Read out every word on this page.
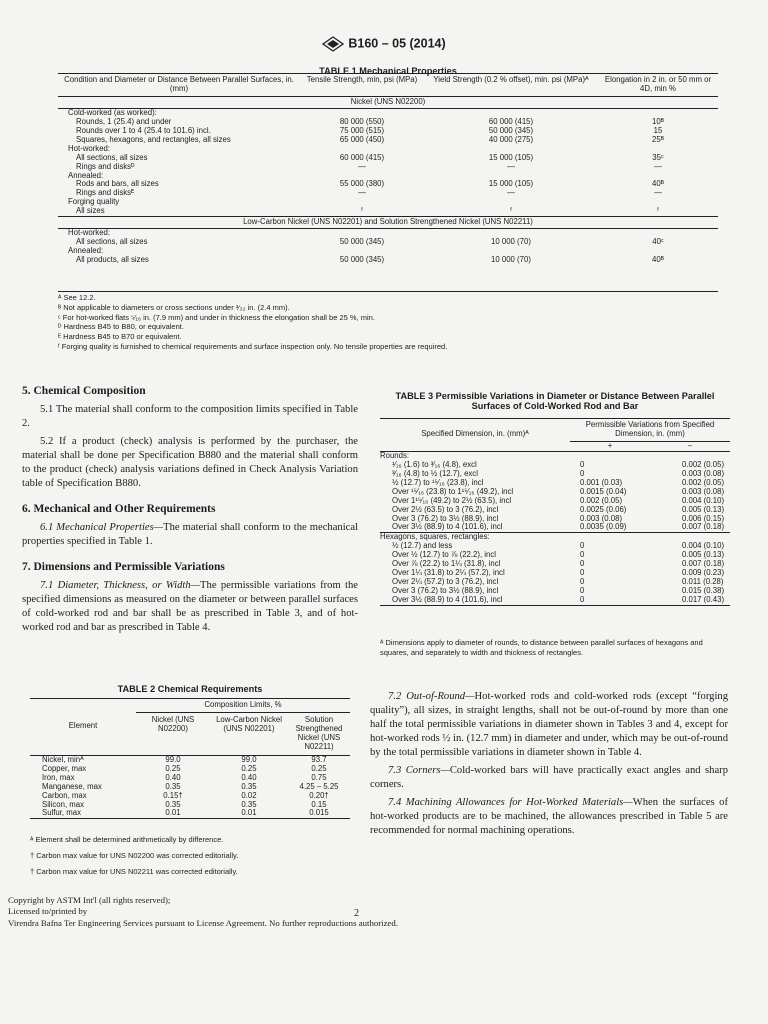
B160 – 05 (2014)
TABLE 1 Mechanical Properties
Condition and Diameter or Distance Between Parallel Surfaces, in. (mm)	Tensile Strength, min, psi (MPa)	Yield Strength (0.2 % offset), min. psi (MPa)ᴬ	Elongation in 2 in. or 50 mm or 4D, min %
Nickel (UNS N02200)			
Cold-worked (as worked):			
Rounds, 1 (25.4) and under	80 000 (550)	60 000 (415)	10ᴮ
Rounds over 1 to 4 (25.4 to 101.6) incl.	75 000 (515)	50 000 (345)	15
Squares, hexagons, and rectangles, all sizes	65 000 (450)	40 000 (275)	25ᴮ
Hot-worked:			
All sections, all sizes	60 000 (415)	15 000 (105)	35ᶜ
Rings and disksᴰ	—	—	—
Annealed:			
Rods and bars, all sizes	55 000 (380)	15 000 (105)	40ᴮ
Rings and disksᴱ	—	—	—
Forging quality			
All sizes	ᶠ	ᶠ	ᶠ
Low-Carbon Nickel (UNS N02201) and Solution Strengthened Nickel (UNS N02211)			
Hot-worked:			
All sections, all sizes	50 000 (345)	10 000 (70)	40ᶜ
Annealed:			
All products, all sizes	50 000 (345)	10 000 (70)	40ᴮ
ᴬ See 12.2.
ᴮ Not applicable to diameters or cross sections under ³⁄₃₂ in. (2.4 mm).
ᶜ For hot-worked flats ⁵⁄₁₆ in. (7.9 mm) and under in thickness the elongation shall be 25 %, min.
ᴰ Hardness B45 to B80, or equivalent.
ᴱ Hardness B45 to B70 or equivalent.
ᶠ Forging quality is furnished to chemical requirements and surface inspection only. No tensile properties are required.
5. Chemical Composition
5.1 The material shall conform to the composition limits specified in Table 2.
5.2 If a product (check) analysis is performed by the purchaser, the material shall be done per Specification B880 and the material shall conform to the product (check) analysis variations defined in Check Analysis Variation table of Specification B880.
6. Mechanical and Other Requirements
6.1 Mechanical Properties—The material shall conform to the mechanical properties specified in Table 1.
7. Dimensions and Permissible Variations
7.1 Diameter, Thickness, or Width—The permissible variations from the specified dimensions as measured on the diameter or between parallel surfaces of cold-worked rod and bar shall be as prescribed in Table 3, and of hot-worked rod and bar as prescribed in Table 4.
TABLE 2 Chemical Requirements
Element	Composition Limits, %		
	Nickel (UNS N02200)	Low-Carbon Nickel (UNS N02201)	Solution Strengthened Nickel (UNS N02211)
Nickel, minᴬ	99.0	99.0	93.7
Copper, max	0.25	0.25	0.25
Iron, max	0.40	0.40	0.75
Manganese, max	0.35	0.35	4.25 – 5.25
Carbon, max	0.15†	0.02	0.20†
Silicon, max	0.35	0.35	0.15
Sulfur, max	0.01	0.01	0.015
ᴬ Element shall be determined arithmetically by difference.
† Carbon max value for UNS N02200 was corrected editorially.
† Carbon max value for UNS N02211 was corrected editorially.
TABLE 3 Permissible Variations in Diameter or Distance Between Parallel Surfaces of Cold-Worked Rod and Bar
Specified Dimension, in. (mm)ᴬ	Permissible Variations from Specified Dimension, in. (mm)	
	+	–
Rounds:		
¹⁄₁₆ (1.6) to ³⁄₁₆ (4.8), excl	0	0.002 (0.05)
³⁄₁₆ (4.8) to ½ (12.7), excl	0	0.003 (0.08)
½ (12.7) to ¹⁵⁄₁₆ (23.8), incl	0.001 (0.03)	0.002 (0.05)
Over ¹⁵⁄₁₆ (23.8) to 1¹⁵⁄₁₆ (49.2), incl	0.0015 (0.04)	0.003 (0.08)
Over 1¹⁵⁄₁₆ (49.2) to 2½ (63.5), incl	0.002 (0.05)	0.004 (0.10)
Over 2½ (63.5) to 3 (76.2), incl	0.0025 (0.06)	0.005 (0.13)
Over 3 (76.2) to 3½ (88.9), incl	0.003 (0.08)	0.006 (0.15)
Over 3½ (88.9) to 4 (101.6), incl	0.0035 (0.09)	0.007 (0.18)
Hexagons, squares, rectangles:		
½ (12.7) and less	0	0.004 (0.10)
Over ½ (12.7) to ⅞ (22.2), incl	0	0.005 (0.13)
Over ⅞ (22.2) to 1¼ (31.8), incl	0	0.007 (0.18)
Over 1¼ (31.8) to 2¼ (57.2), incl	0	0.009 (0.23)
Over 2¼ (57.2) to 3 (76.2), incl	0	0.011 (0.28)
Over 3 (76.2) to 3½ (88.9), incl	0	0.015 (0.38)
Over 3½ (88.9) to 4 (101.6), incl	0	0.017 (0.43)
ᴬ Dimensions apply to diameter of rounds, to distance between parallel surfaces of hexagons and squares, and separately to width and thickness of rectangles.
7.2 Out-of-Round—Hot-worked rods and cold-worked rods (except “forging quality”), all sizes, in straight lengths, shall not be out-of-round by more than one half the total permissible variations in diameter shown in Tables 3 and 4, except for hot-worked rods ½ in. (12.7 mm) in diameter and under, which may be out-of-round by the total permissible variations in diameter shown in Table 4.
7.3 Corners—Cold-worked bars will have practically exact angles and sharp corners.
7.4 Machining Allowances for Hot-Worked Materials—When the surfaces of hot-worked products are to be machined, the allowances prescribed in Table 5 are recommended for normal machining operations.
Copyright by ASTM Int'l (all rights reserved);
Licensed to/printed by
Virendra Bafna Ter Engineering Services pursuant to License Agreement. No further reproductions authorized.
2
